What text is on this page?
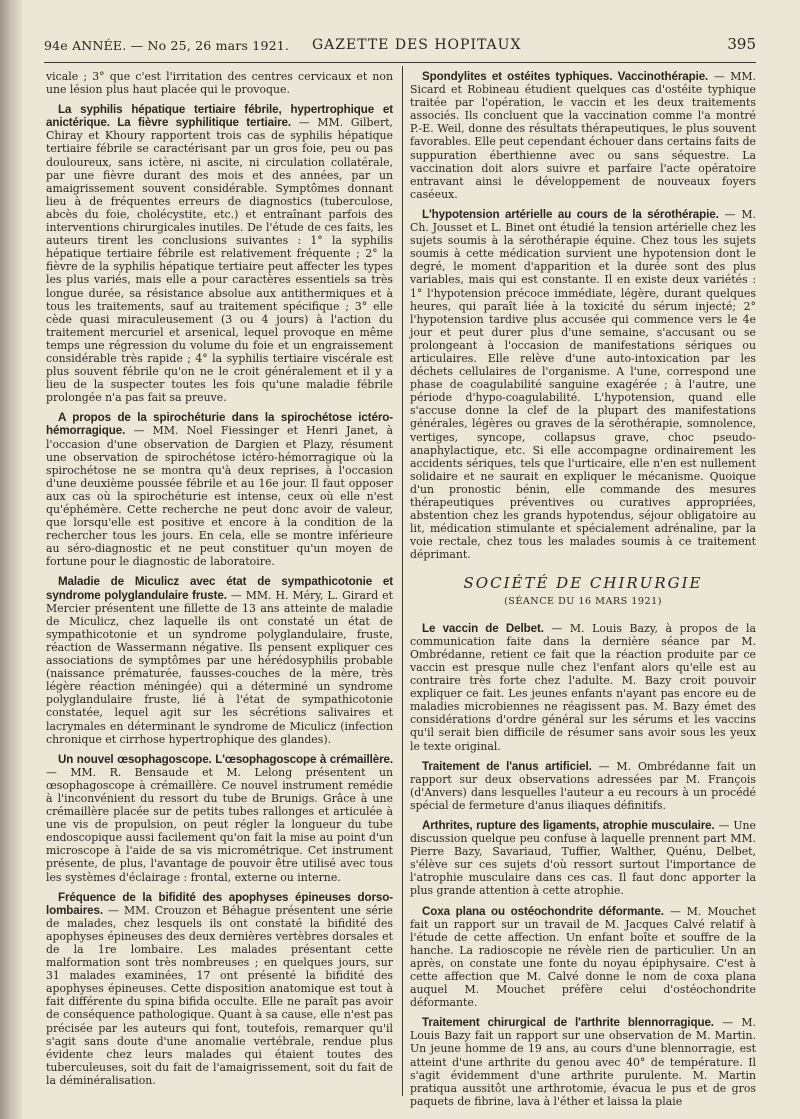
94e ANNÉE. — No 25, 26 mars 1921. GAZETTE DES HOPITAUX	395

vicale ; 3° que c'est l'irritation des centres cervicaux et non une lésion plus haut placée qui le provoque.

La syphilis hépatique tertiaire fébrile, hypertrophique et anictérique. La fièvre syphilitique tertiaire. — MM. Gilbert, Chiray et Khoury rapportent trois cas de syphilis hépatique tertiaire fébrile se caractérisant par un gros foie, peu ou pas douloureux, sans ictère, ni ascite, ni circulation collatérale, par une fièvre durant des mois et des années, par un amaigrissement souvent considérable. Symptômes donnant lieu à de fréquentes erreurs de diagnostics (tuberculose, abcès du foie, cholécystite, etc.) et entraînant parfois des interventions chirurgicales inutiles. De l'étude de ces faits, les auteurs tirent les conclusions suivantes : 1° la syphilis hépatique tertiaire fébrile est relativement fréquente ; 2° la fièvre de la syphilis hépatique tertiaire peut affecter les types les plus variés, mais elle a pour caractères essentiels sa très longue durée, sa résistance absolue aux antithermiques et à tous les traitements, sauf au traitement spécifique ; 3° elle cède quasi miraculeusement (3 ou 4 jours) à l'action du traitement mercuriel et arsenical, lequel provoque en même temps une régression du volume du foie et un engraissement considérable très rapide ; 4° la syphilis tertiaire viscérale est plus souvent fébrile qu'on ne le croit généralement et il y a lieu de la suspecter toutes les fois qu'une maladie fébrile prolongée n'a pas fait sa preuve.

A propos de la spirochéturie dans la spirochétose ictéro-hémorragique. — MM. Noel Fiessinger et Henri Janet, à l'occasion d'une observation de Dargien et Plazy, résument une observation de spirochétose ictéro-hémorragique où la spirochétose ne se montra qu'à deux reprises, à l'occasion d'une deuxième poussée fébrile et au 16e jour. Il faut opposer aux cas où la spirochéturie est intense, ceux où elle n'est qu'éphémère. Cette recherche ne peut donc avoir de valeur, que lorsqu'elle est positive et encore à la condition de la rechercher tous les jours. En cela, elle se montre inférieure au séro-diagnostic et ne peut constituer qu'un moyen de fortune pour le diagnostic de laboratoire.

Maladie de Miculicz avec état de sympathicotonie et syndrome polyglandulaire fruste. — MM. H. Méry, L. Girard et Mercier présentent une fillette de 13 ans atteinte de maladie de Miculicz, chez laquelle ils ont constaté un état de sympathicotonie et un syndrome polyglandulaire, fruste, réaction de Wassermann négative. Ils pensent expliquer ces associations de symptômes par une hérédosyphilis probable (naissance prématurée, fausses-couches de la mère, très légère réaction méningée) qui a déterminé un syndrome polyglandulaire fruste, lié à l'état de sympathicotonie constatée, lequel agit sur les sécrétions salivaires et lacrymales en déterminant le syndrome de Miculicz (infection chronique et cirrhose hypertrophique des glandes).

Un nouvel œsophagoscope. L'œsophagoscope à crémaillère. — MM. R. Bensaude et M. Lelong présentent un œsophagoscope à crémaillère. Ce nouvel instrument remédie à l'inconvénient du ressort du tube de Brunigs. Grâce à une crémaillère placée sur de petits tubes rallonges et articulée à une vis de propulsion, on peut régler la longueur du tube endoscopique aussi facilement qu'on fait la mise au point d'un microscope à l'aide de sa vis micrométrique. Cet instrument présente, de plus, l'avantage de pouvoir être utilisé avec tous les systèmes d'éclairage : frontal, externe ou interne.

Fréquence de la bifidité des apophyses épineuses dorso-lombaires. — MM. Crouzon et Béhague présentent une série de malades, chez lesquels ils ont constaté la bifidité des apophyses épineuses des deux dernières vertèbres dorsales et de la 1re lombaire. Les malades présentant cette malformation sont très nombreuses ; en quelques jours, sur 31 malades examinées, 17 ont présenté la bifidité des apophyses épineuses. Cette disposition anatomique est tout à fait différente du spina bifida occulte. Elle ne paraît pas avoir de conséquence pathologique. Quant à sa cause, elle n'est pas précisée par les auteurs qui font, toutefois, remarquer qu'il s'agit sans doute d'une anomalie vertébrale, rendue plus évidente chez leurs malades qui étaient toutes des tuberculeuses, soit du fait de l'amaigrissement, soit du fait de la déminéralisation.

Spondylites et ostéites typhiques. Vaccinothérapie. — MM. Sicard et Robineau étudient quelques cas d'ostéite typhique traitée par l'opération, le vaccin et les deux traitements associés. Ils concluent que la vaccination comme l'a montré P.-E. Weil, donne des résultats thérapeutiques, le plus souvent favorables. Elle peut cependant échouer dans certains faits de suppuration éberthienne avec ou sans séquestre. La vaccination doit alors suivre et parfaire l'acte opératoire entravant ainsi le développement de nouveaux foyers caséeux.

L'hypotension artérielle au cours de la sérothérapie. — M. Ch. Jousset et L. Binet ont étudié la tension artérielle chez les sujets soumis à la sérothérapie équine. Chez tous les sujets soumis à cette médication survient une hypotension dont le degré, le moment d'apparition et la durée sont des plus variables, mais qui est constante. Il en existe deux variétés : 1° l'hypotension précoce immédiate, légère, durant quelques heures, qui paraît liée à la toxicité du sérum injecté; 2° l'hypotension tardive plus accusée qui commence vers le 4e jour et peut durer plus d'une semaine, s'accusant ou se prolongeant à l'occasion de manifestations sériques ou articulaires. Elle relève d'une auto-intoxication par les déchets cellulaires de l'organisme. A l'une, correspond une phase de coagulabilité sanguine exagérée ; à l'autre, une période d'hypo-coagulabilité. L'hypotension, quand elle s'accuse donne la clef de la plupart des manifestations générales, légères ou graves de la sérothérapie, somnolence, vertiges, syncope, collapsus grave, choc pseudo-anaphylactique, etc. Si elle accompagne ordinairement les accidents sériques, tels que l'urticaire, elle n'en est nullement solidaire et ne saurait en expliquer le mécanisme. Quoique d'un pronostic bénin, elle commande des mesures thérapeutiques préventives ou curatives appropriées, abstention chez les grands hypotendus, séjour obligatoire au lit, médication stimulante et spécialement adrénaline, par la voie rectale, chez tous les malades soumis à ce traitement déprimant.

SOCIÉTÉ DE CHIRURGIE
(SÉANCE DU 16 MARS 1921)

Le vaccin de Delbet. — M. Louis Bazy, à propos de la communication faite dans la dernière séance par M. Ombrédanne, retient ce fait que la réaction produite par ce vaccin est presque nulle chez l'enfant alors qu'elle est au contraire très forte chez l'adulte. M. Bazy croit pouvoir expliquer ce fait. Les jeunes enfants n'ayant pas encore eu de maladies microbiennes ne réagissent pas. M. Bazy émet des considérations d'ordre général sur les sérums et les vaccins qu'il serait bien difficile de résumer sans avoir sous les yeux le texte original.

Traitement de l'anus artificiel. — M. Ombrédanne fait un rapport sur deux observations adressées par M. François (d'Anvers) dans lesquelles l'auteur a eu recours à un procédé spécial de fermeture d'anus iliaques définitifs.

Arthrites, rupture des ligaments, atrophie musculaire. — Une discussion quelque peu confuse à laquelle prennent part MM. Pierre Bazy, Savariaud, Tuffier, Walther, Quénu, Delbet, s'élève sur ces sujets d'où ressort surtout l'importance de l'atrophie musculaire dans ces cas. Il faut donc apporter la plus grande attention à cette atrophie.

Coxa plana ou ostéochondrite déformante. — M. Mouchet fait un rapport sur un travail de M. Jacques Calvé relatif à l'étude de cette affection. Un enfant boîte et souffre de la hanche. La radioscopie ne révèle rien de particulier. Un an après, on constate une fonte du noyau épiphysaire. C'est à cette affection que M. Calvé donne le nom de coxa plana auquel M. Mouchet préfère celui d'ostéochondrite déformante.

Traitement chirurgical de l'arthrite blennorragique. — M. Louis Bazy fait un rapport sur une observation de M. Martin. Un jeune homme de 19 ans, au cours d'une blennorragie, est atteint d'une arthrite du genou avec 40° de température. Il s'agit évidemment d'une arthrite purulente. M. Martin pratiqua aussitôt une arthrotomie, évacua le pus et de gros paquets de fibrine, lava à l'éther et laissa la plaie
